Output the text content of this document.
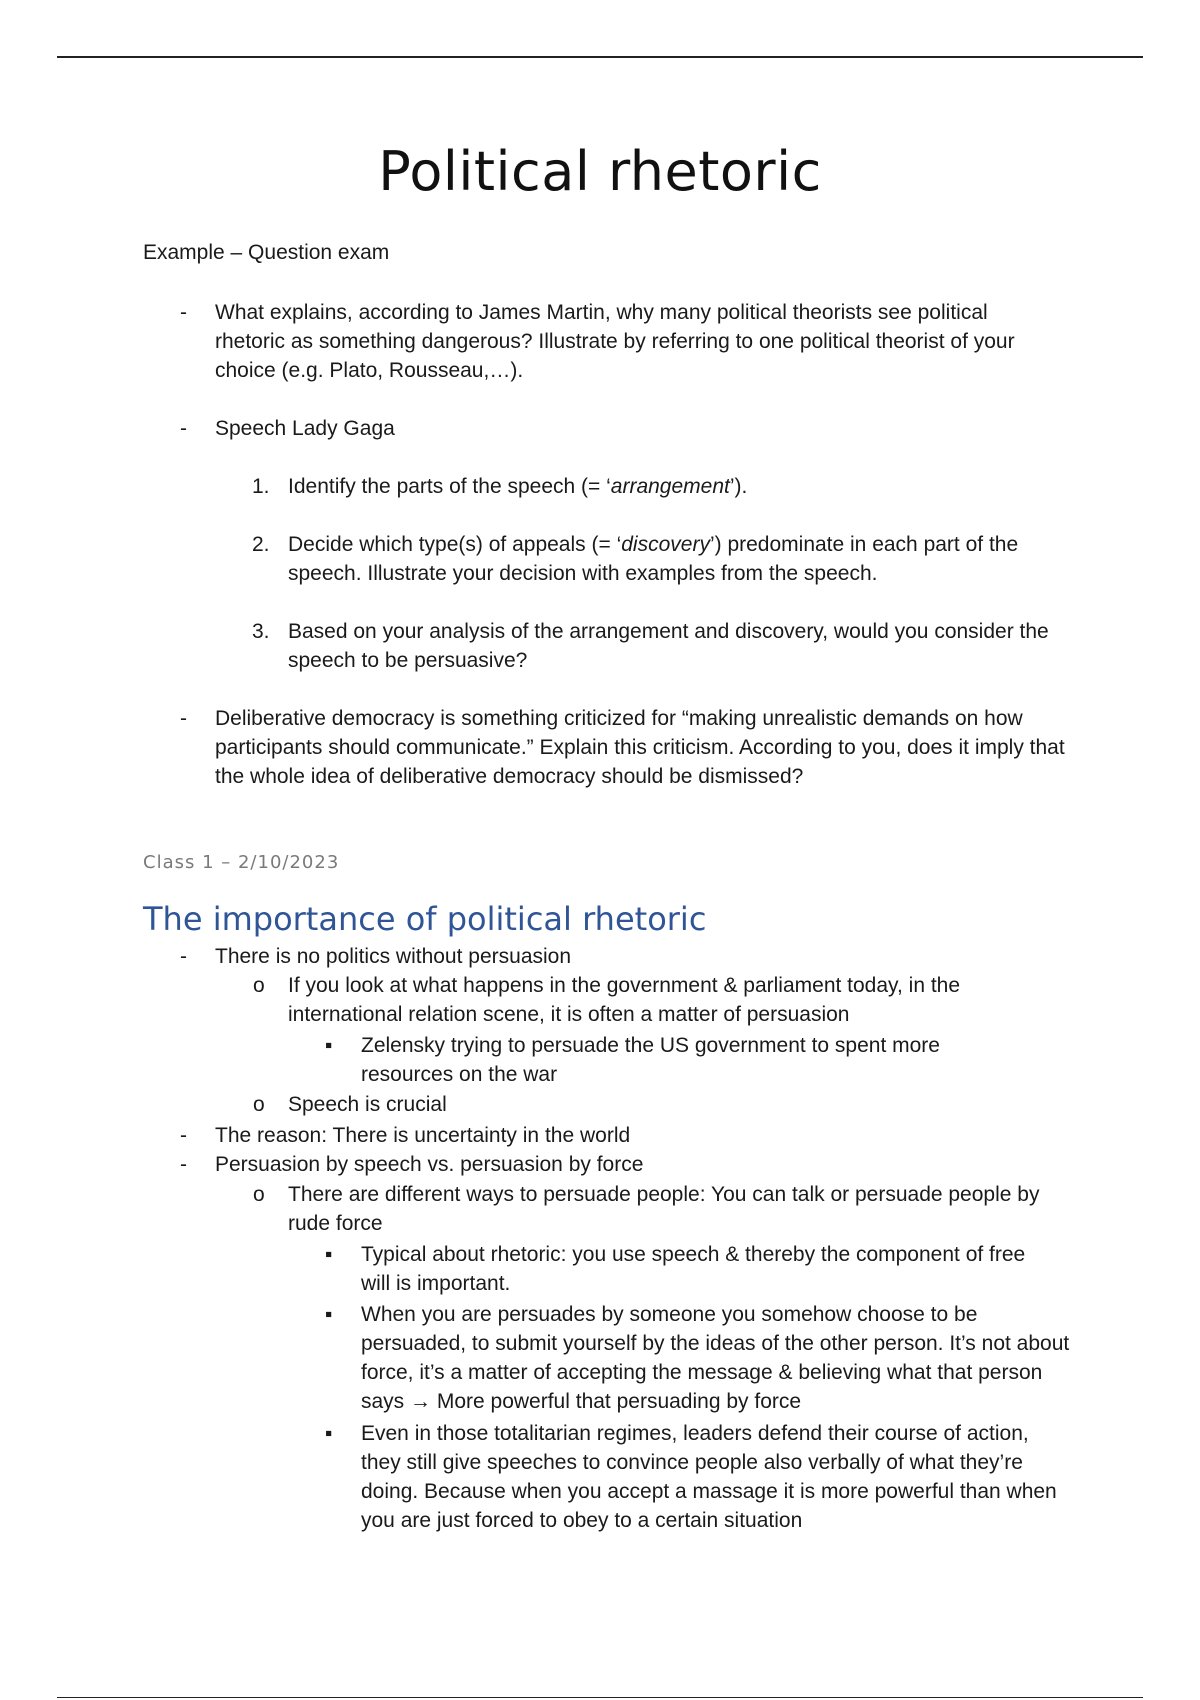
Political rhetoric
Example – Question exam
- What explains, according to James Martin, why many political theorists see political rhetoric as something dangerous? Illustrate by referring to one political theorist of your choice (e.g. Plato, Rousseau,…).
- Speech Lady Gaga
1. Identify the parts of the speech (= ‘arrangement’).
2. Decide which type(s) of appeals (= ‘discovery’) predominate in each part of the speech. Illustrate your decision with examples from the speech.
3. Based on your analysis of the arrangement and discovery, would you consider the speech to be persuasive?
- Deliberative democracy is something criticized for “making unrealistic demands on how participants should communicate.” Explain this criticism. According to you, does it imply that the whole idea of deliberative democracy should be dismissed?
Class 1 – 2/10/2023
The importance of political rhetoric
- There is no politics without persuasion
o If you look at what happens in the government & parliament today, in the international relation scene, it is often a matter of persuasion
▪ Zelensky trying to persuade the US government to spent more resources on the war
o Speech is crucial
- The reason: There is uncertainty in the world
- Persuasion by speech vs. persuasion by force
o There are different ways to persuade people: You can talk or persuade people by rude force
▪ Typical about rhetoric: you use speech & thereby the component of free will is important.
▪ When you are persuades by someone you somehow choose to be persuaded, to submit yourself by the ideas of the other person. It’s not about force, it’s a matter of accepting the message & believing what that person says → More powerful that persuading by force
▪ Even in those totalitarian regimes, leaders defend their course of action, they still give speeches to convince people also verbally of what they’re doing. Because when you accept a massage it is more powerful than when you are just forced to obey to a certain situation
